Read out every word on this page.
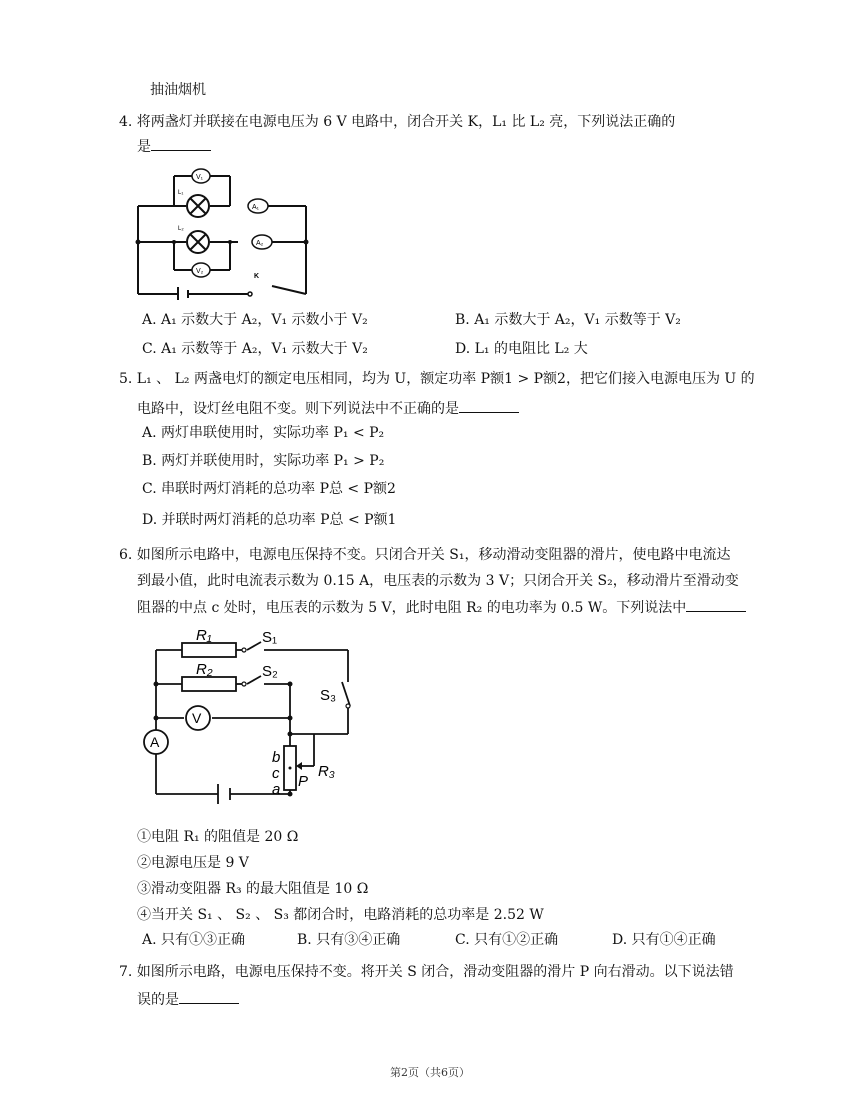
抽油烟机
4. 将两盏灯并联接在电源电压为 6 V 电路中，闭合开关 K，L₁ 比 L₂ 亮，下列说法正确的
是
V₁
V₂
A₁
A₂
L₁
L₂
K
A. A₁ 示数大于 A₂，V₁ 示数小于 V₂	B. A₁ 示数大于 A₂，V₁ 示数等于 V₂
C. A₁ 示数等于 A₂，V₁ 示数大于 V₂	D. L₁ 的电阻比 L₂ 大
5. L₁ 、 L₂ 两盏电灯的额定电压相同，均为 U，额定功率 P额1 > P额2，把它们接入电源电压为 U 的
电路中，设灯丝电阻不变。则下列说法中不正确的是
A. 两灯串联使用时，实际功率 P₁ < P₂
B. 两灯并联使用时，实际功率 P₁ > P₂
C. 串联时两灯消耗的总功率 P总 < P额2
D. 并联时两灯消耗的总功率 P总 < P额1
6. 如图所示电路中，电源电压保持不变。只闭合开关 S₁，移动滑动变阻器的滑片，使电路中电流达
到最小值，此时电流表示数为 0.15 A，电压表的示数为 3 V；只闭合开关 S₂，移动滑片至滑动变
阻器的中点 c 处时，电压表的示数为 5 V，此时电阻 R₂ 的电功率为 0.5 W。下列说法中
V
A
R₁
R₂
b
c
a P
R₃
S₁
S₂
S₃
①电阻 R₁ 的阻值是 20 Ω
②电源电压是 9 V
③滑动变阻器 R₃ 的最大阻值是 10 Ω
④当开关 S₁ 、 S₂ 、 S₃ 都闭合时，电路消耗的总功率是 2.52 W
A. 只有①③正确	B. 只有③④正确	C. 只有①②正确	D. 只有①④正确
7. 如图所示电路，电源电压保持不变。将开关 S 闭合，滑动变阻器的滑片 P 向右滑动。以下说法错
误的是
第2页（共6页）
